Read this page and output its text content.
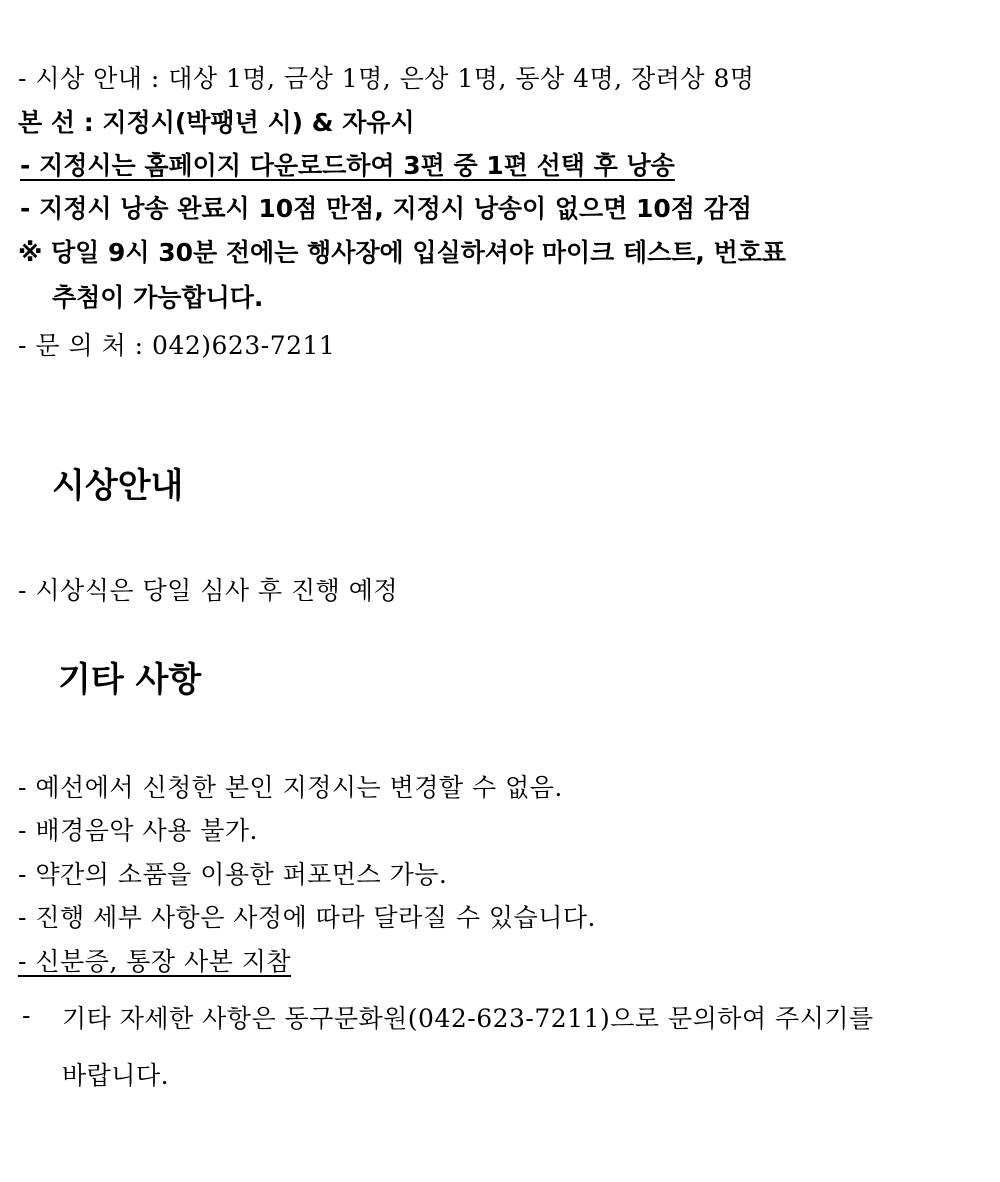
- 시상 안내 : 대상 1명, 금상 1명, 은상 1명, 동상 4명, 장려상 8명
본 선 : 지정시(박팽년 시) & 자유시
- 지정시는 홈페이지 다운로드하여 3편 중 1편 선택 후 낭송
- 지정시 낭송 완료시 10점 만점, 지정시 낭송이 없으면 10점 감점
※ 당일 9시 30분 전에는 행사장에 입실하셔야 마이크 테스트, 번호표
추첨이 가능합니다.
- 문 의 처 : 042)623-7211
시상안내
- 시상식은 당일 심사 후 진행 예정
기타 사항
- 예선에서 신청한 본인 지정시는 변경할 수 없음.
- 배경음악 사용 불가.
- 약간의 소품을 이용한 퍼포먼스 가능.
- 진행 세부 사항은 사정에 따라 달라질 수 있습니다.
- 신분증, 통장 사본 지참
- 기타 자세한 사항은 동구문화원(042-623-7211)으로 문의하여 주시기를
바랍니다.
